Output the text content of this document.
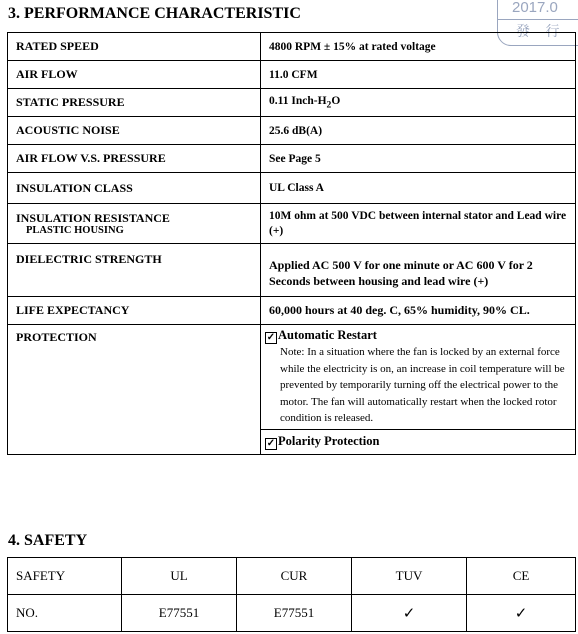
3. PERFORMANCE CHARACTERISTIC	2017.0
發 行
RATED SPEED	4800 RPM ± 15% at rated voltage
AIR FLOW	11.0 CFM
STATIC PRESSURE	0.11 Inch-$H_2O$
ACOUSTIC NOISE	25.6 dB(A)
AIR FLOW V.S. PRESSURE	See Page 5
INSULATION CLASS	UL Class A

INSULATION RESISTANCE
PLASTIC HOUSING	10M ohm at 500 VDC between internal stator and Lead wire (+)
DIELECTRIC STRENGTH	Applied AC 500 V for one minute or AC 600 V for 2 Seconds between housing and lead wire (+)
LIFE EXPECTANCY	60,000 hours at 40 deg. C, 65% humidity, 90% CL.
PROTECTION	✓ Automatic Restart
Note: In a situation where the fan is locked by an external force while the electricity is on, an increase in coil temperature will be prevented by temporarily turning off the electrical power to the motor. The fan will automatically restart when the locked rotor condition is released.
✓ Polarity Protection
4. SAFETY
SAFETY	UL	CUR	TUV	CE
NO.	E77551	E77551	✓	✓
